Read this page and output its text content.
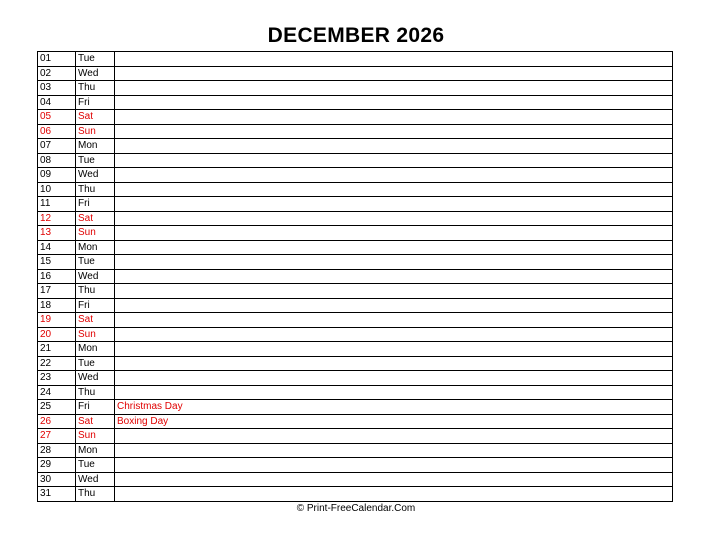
DECEMBER 2026
01	Tue	
02	Wed	
03	Thu	
04	Fri	
05	Sat	
06	Sun	
07	Mon	
08	Tue	
09	Wed	
10	Thu	
11	Fri	
12	Sat	
13	Sun	
14	Mon	
15	Tue	
16	Wed	
17	Thu	
18	Fri	
19	Sat	
20	Sun	
21	Mon	
22	Tue	
23	Wed	
24	Thu	
25	Fri	Christmas Day
26	Sat	Boxing Day
27	Sun	
28	Mon	
29	Tue	
30	Wed	
31	Thu	
© Print-FreeCalendar.Com
